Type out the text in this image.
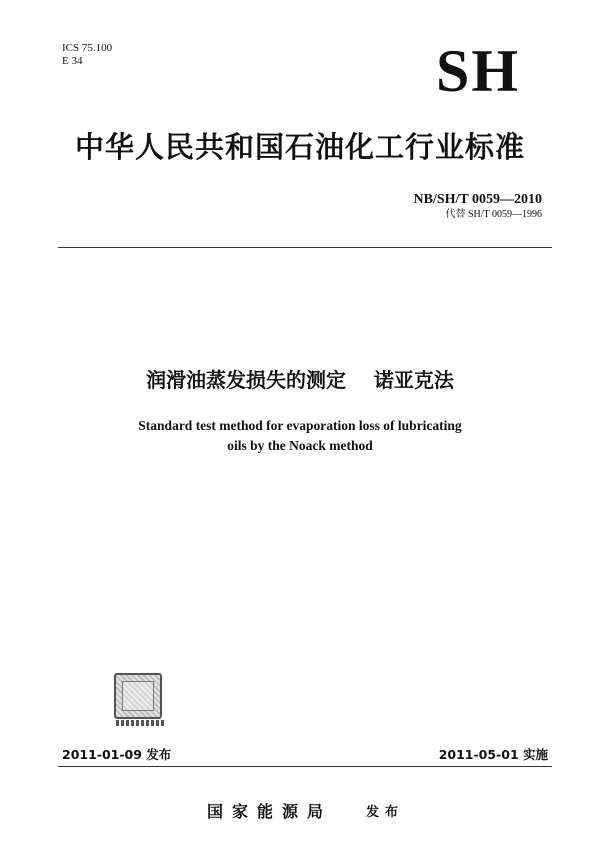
ICS 75.100
E 34	SH
中华人民共和国石油化工行业标准
NB/SH/T 0059—2010
代替 SH/T 0059—1996
润滑油蒸发损失的测定    诺亚克法
Standard test method for evaporation loss of lubricating
oils by the Noack method
2011-01-09 发布	2011-05-01 实施
国家能源局	发布
